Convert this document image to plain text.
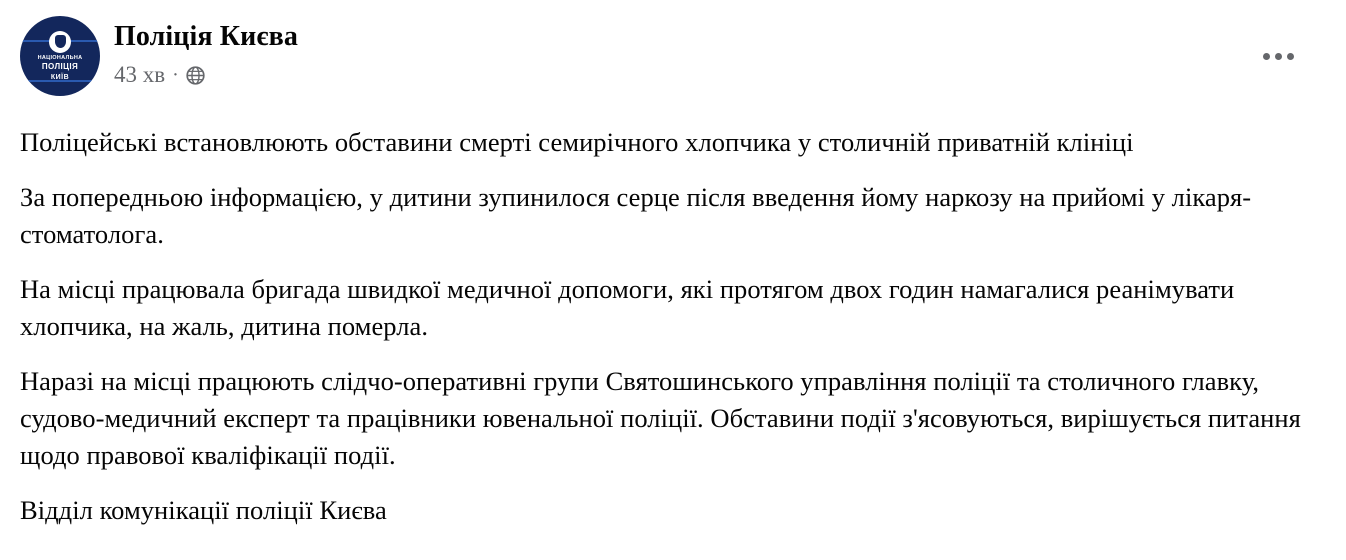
НАЦІОНАЛЬНА
ПОЛІЦІЯ
КИЇВ
Поліція Києва
43 хв ·

Поліцейські встановлюють обставини смерті семирічного хлопчика у столичній приватній клініці

За попередньою інформацією, у дитини зупинилося серце після введення йому наркозу на прийомі у лікаря- стоматолога.

На місці працювала бригада швидкої медичної допомоги, які протягом двох годин намагалися реанімувати хлопчика, на жаль, дитина померла.

Наразі на місці працюють слідчо-оперативні групи Святошинського управління поліції та столичного главку, судово-медичний експерт та працівники ювенальної поліції. Обставини події з'ясовуються, вирішується питання щодо правової кваліфікації події.

Відділ комунікації поліції Києва
